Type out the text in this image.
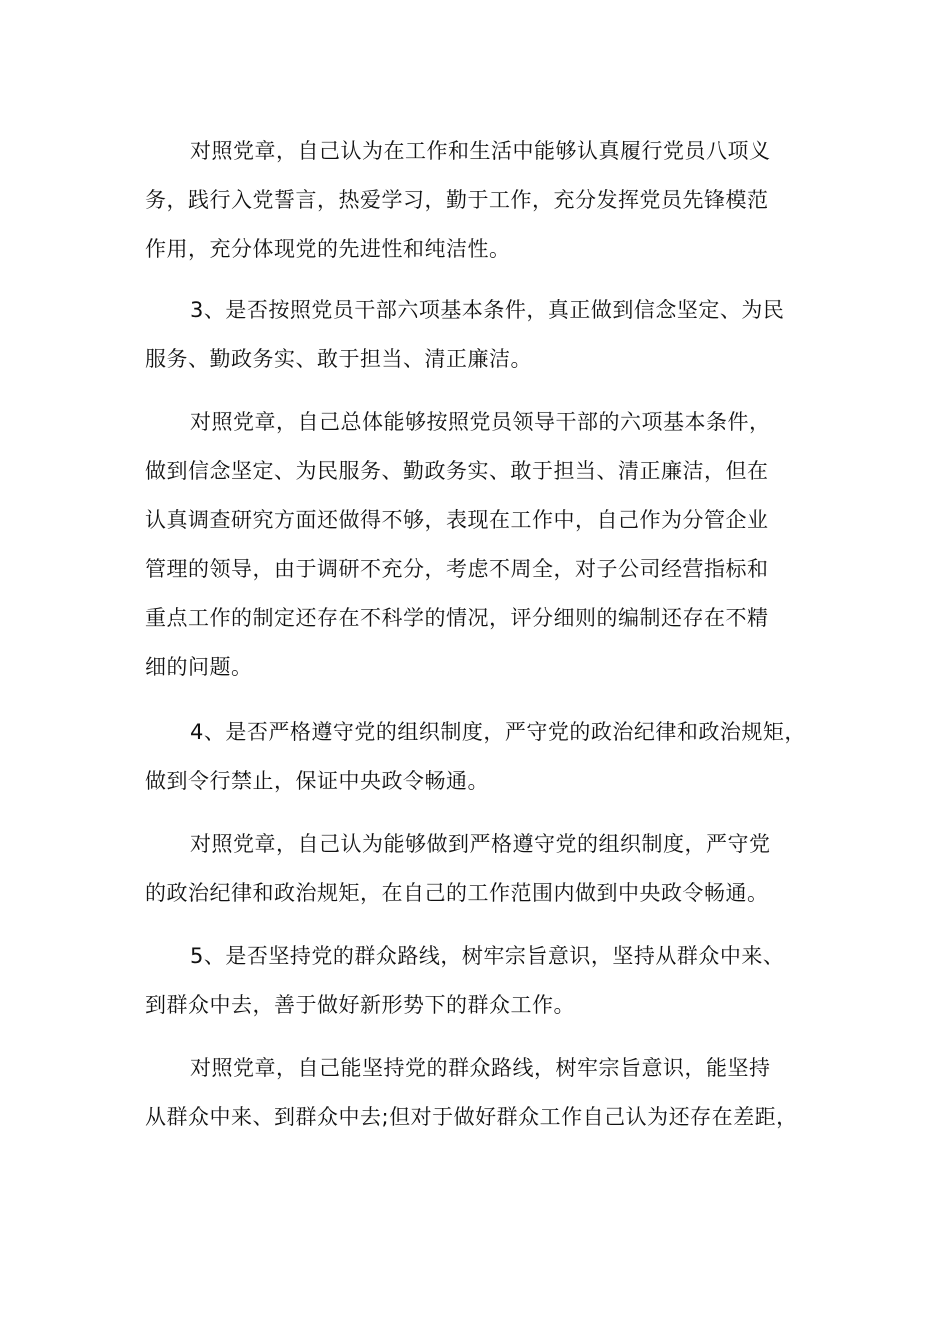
对照党章，自己认为在工作和生活中能够认真履行党员八项义
务，践行入党誓言，热爱学习，勤于工作，充分发挥党员先锋模范
作用，充分体现党的先进性和纯洁性。
3、是否按照党员干部六项基本条件，真正做到信念坚定、为民
服务、勤政务实、敢于担当、清正廉洁。
对照党章，自己总体能够按照党员领导干部的六项基本条件，
做到信念坚定、为民服务、勤政务实、敢于担当、清正廉洁，但在
认真调查研究方面还做得不够，表现在工作中，自己作为分管企业
管理的领导，由于调研不充分，考虑不周全，对子公司经营指标和
重点工作的制定还存在不科学的情况，评分细则的编制还存在不精
细的问题。
4、是否严格遵守党的组织制度，严守党的政治纪律和政治规矩，
做到令行禁止，保证中央政令畅通。
对照党章，自己认为能够做到严格遵守党的组织制度，严守党
的政治纪律和政治规矩，在自己的工作范围内做到中央政令畅通。
5、是否坚持党的群众路线，树牢宗旨意识，坚持从群众中来、
到群众中去，善于做好新形势下的群众工作。
对照党章，自己能坚持党的群众路线，树牢宗旨意识，能坚持
从群众中来、到群众中去;但对于做好群众工作自己认为还存在差距，
